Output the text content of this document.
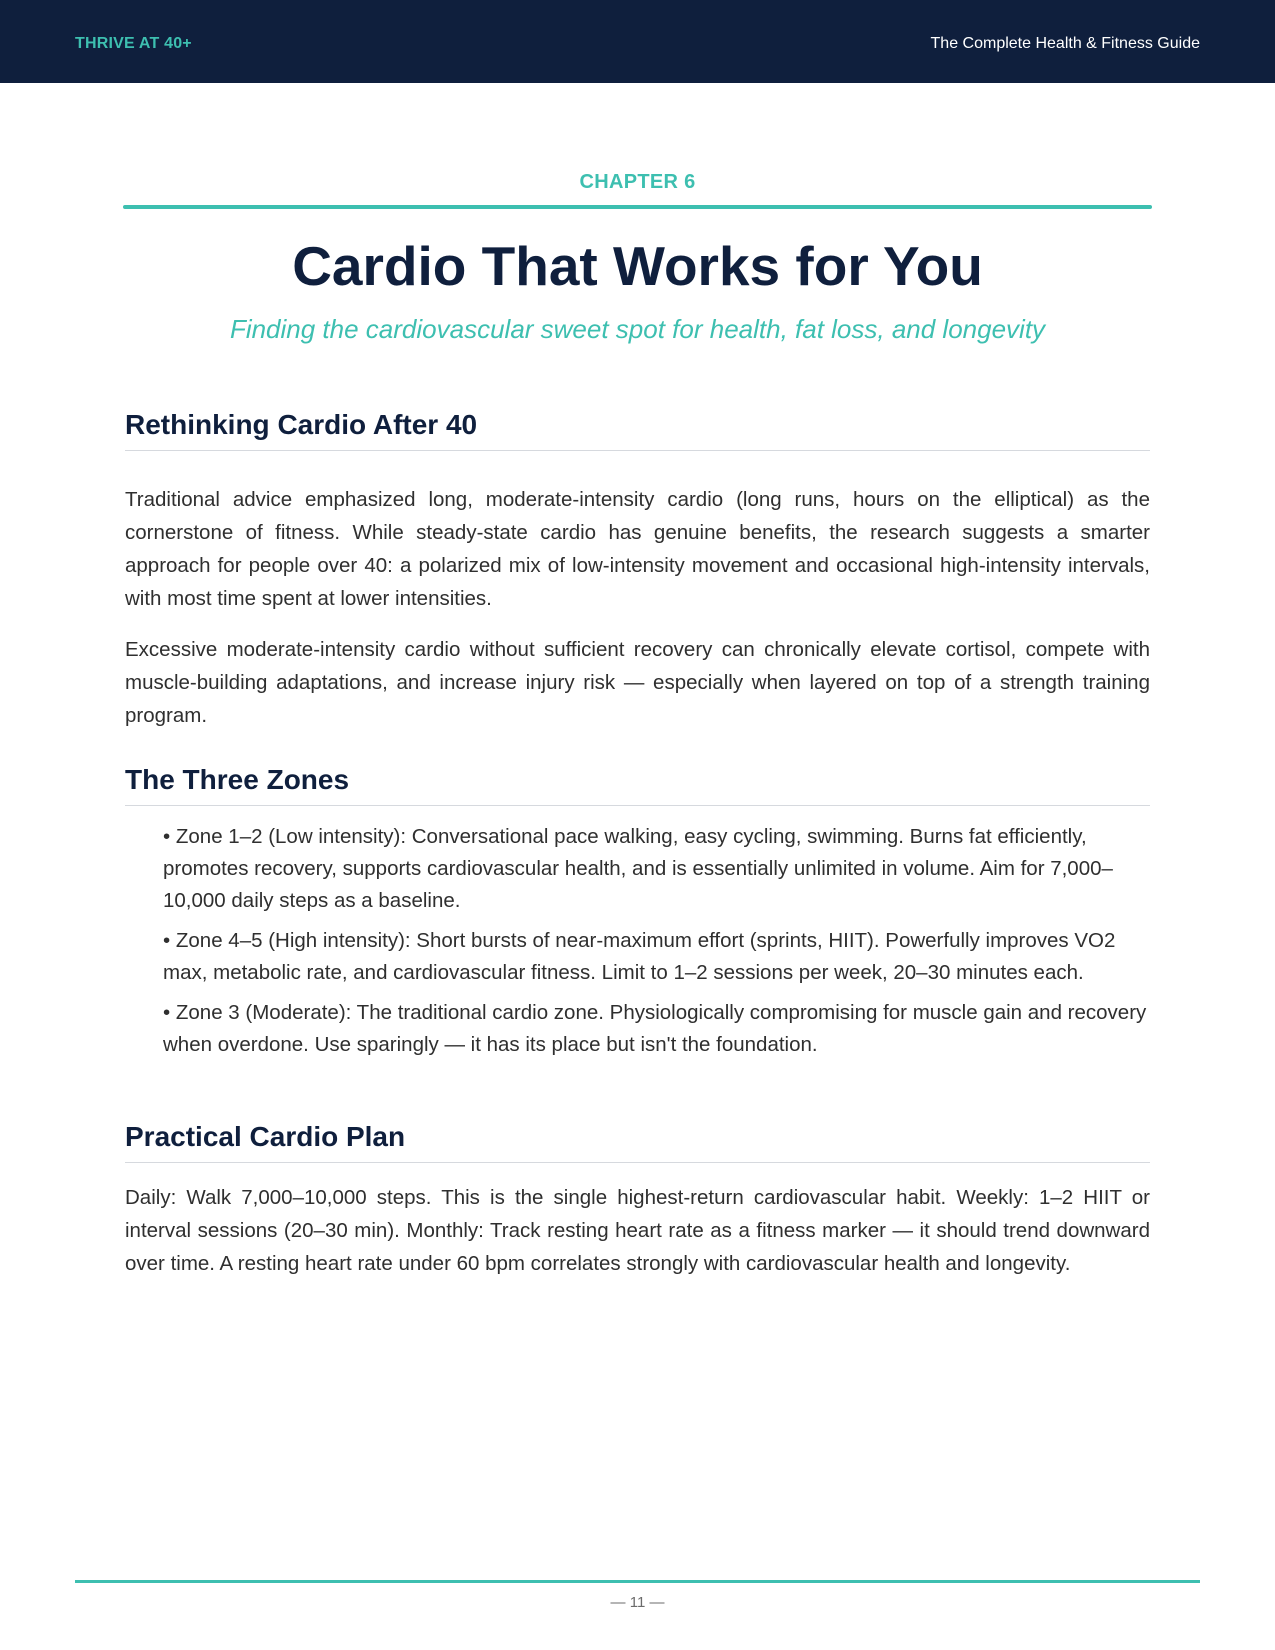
THRIVE AT 40+	The Complete Health & Fitness Guide
CHAPTER 6
Cardio That Works for You
Finding the cardiovascular sweet spot for health, fat loss, and longevity
Rethinking Cardio After 40

Traditional advice emphasized long, moderate-intensity cardio (long runs, hours on the elliptical) as the cornerstone of fitness. While steady-state cardio has genuine benefits, the research suggests a smarter approach for people over 40: a polarized mix of low-intensity movement and occasional high-intensity intervals, with most time spent at lower intensities.

Excessive moderate-intensity cardio without sufficient recovery can chronically elevate cortisol, compete with muscle-building adaptations, and increase injury risk — especially when layered on top of a strength training program.

The Three Zones
• Zone 1–2 (Low intensity): Conversational pace walking, easy cycling, swimming. Burns fat efficiently, promotes recovery, supports cardiovascular health, and is essentially unlimited in volume. Aim for 7,000–10,000 daily steps as a baseline.
• Zone 4–5 (High intensity): Short bursts of near-maximum effort (sprints, HIIT). Powerfully improves VO2 max, metabolic rate, and cardiovascular fitness. Limit to 1–2 sessions per week, 20–30 minutes each.
• Zone 3 (Moderate): The traditional cardio zone. Physiologically compromising for muscle gain and recovery when overdone. Use sparingly — it has its place but isn't the foundation.
Practical Cardio Plan

Daily: Walk 7,000–10,000 steps. This is the single highest-return cardiovascular habit. Weekly: 1–2 HIIT or interval sessions (20–30 min). Monthly: Track resting heart rate as a fitness marker — it should trend downward over time. A resting heart rate under 60 bpm correlates strongly with cardiovascular health and longevity.

— 11 —
